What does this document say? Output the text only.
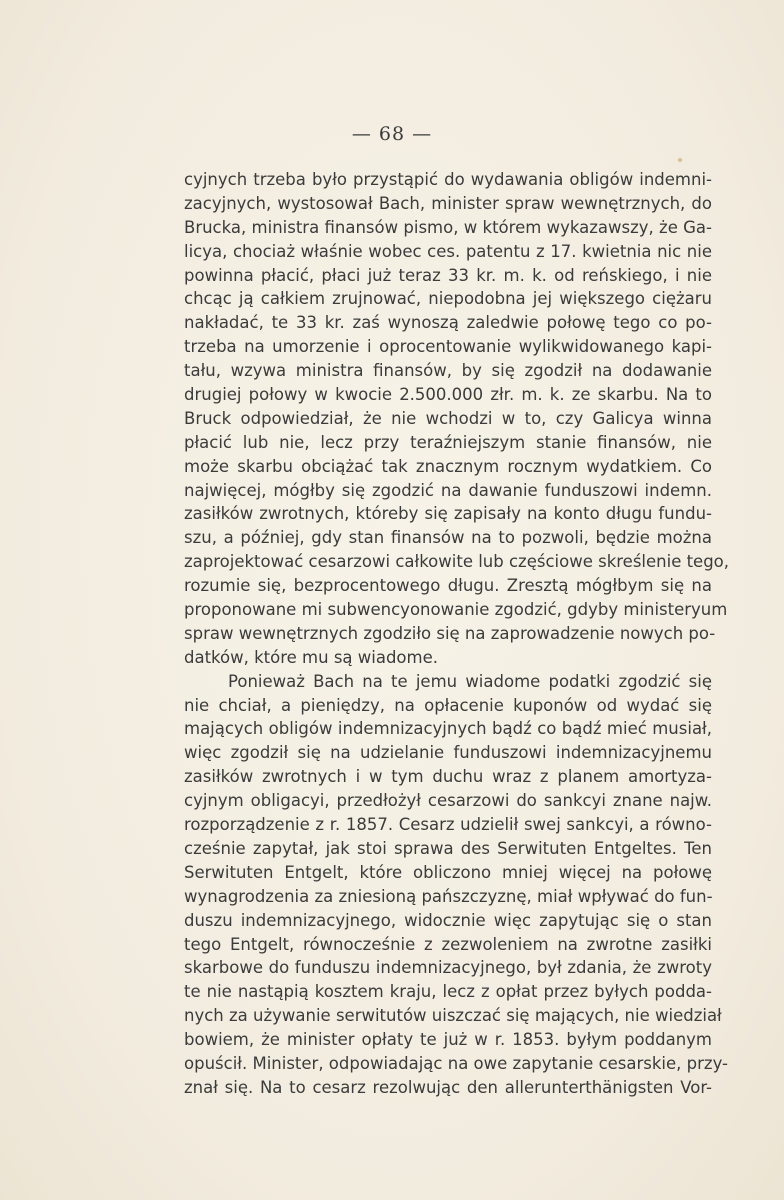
— 68 —
cyjnych trzeba było przystąpić do wydawania obligów indemni-
zacyjnych, wystosował Bach, minister spraw wewnętrznych, do
Brucka, ministra finansów pismo, w którem wykazawszy, że Ga-
licya, chociaż właśnie wobec ces. patentu z 17. kwietnia nic nie
powinna płacić, płaci już teraz 33 kr. m. k. od reńskiego, i nie
chcąc ją całkiem zrujnować, niepodobna jej większego ciężaru
nakładać, te 33 kr. zaś wynoszą zaledwie połowę tego co po-
trzeba na umorzenie i oprocentowanie wylikwidowanego kapi-
tału, wzywa ministra finansów, by się zgodził na dodawanie
drugiej połowy w kwocie 2.500.000 złr. m. k. ze skarbu. Na to
Bruck odpowiedział, że nie wchodzi w to, czy Galicya winna
płacić lub nie, lecz przy teraźniejszym stanie finansów, nie
może skarbu obciążać tak znacznym rocznym wydatkiem. Co
najwięcej, mógłby się zgodzić na dawanie funduszowi indemn.
zasiłków zwrotnych, któreby się zapisały na konto długu fundu-
szu, a później, gdy stan finansów na to pozwoli, będzie można
zaprojektować cesarzowi całkowite lub częściowe skreślenie tego,
rozumie się, bezprocentowego długu. Zresztą mógłbym się na
proponowane mi subwencyonowanie zgodzić, gdyby ministeryum
spraw wewnętrznych zgodziło się na zaprowadzenie nowych po-
datków, które mu są wiadome.
Ponieważ Bach na te jemu wiadome podatki zgodzić się
nie chciał, a pieniędzy, na opłacenie kuponów od wydać się
mających obligów indemnizacyjnych bądź co bądź mieć musiał,
więc zgodził się na udzielanie funduszowi indemnizacyjnemu
zasiłków zwrotnych i w tym duchu wraz z planem amortyza-
cyjnym obligacyi, przedłożył cesarzowi do sankcyi znane najw.
rozporządzenie z r. 1857. Cesarz udzielił swej sankcyi, a równo-
cześnie zapytał, jak stoi sprawa des Serwituten Entgeltes. Ten
Serwituten Entgelt, które obliczono mniej więcej na połowę
wynagrodzenia za zniesioną pańszczyznę, miał wpływać do fun-
duszu indemnizacyjnego, widocznie więc zapytując się o stan
tego Entgelt, równocześnie z zezwoleniem na zwrotne zasiłki
skarbowe do funduszu indemnizacyjnego, był zdania, że zwroty
te nie nastąpią kosztem kraju, lecz z opłat przez byłych podda-
nych za używanie serwitutów uiszczać się mających, nie wiedział
bowiem, że minister opłaty te już w r. 1853. byłym poddanym
opuścił. Minister, odpowiadając na owe zapytanie cesarskie, przy-
znał się. Na to cesarz rezolwując den allerunterthänigsten Vor-
